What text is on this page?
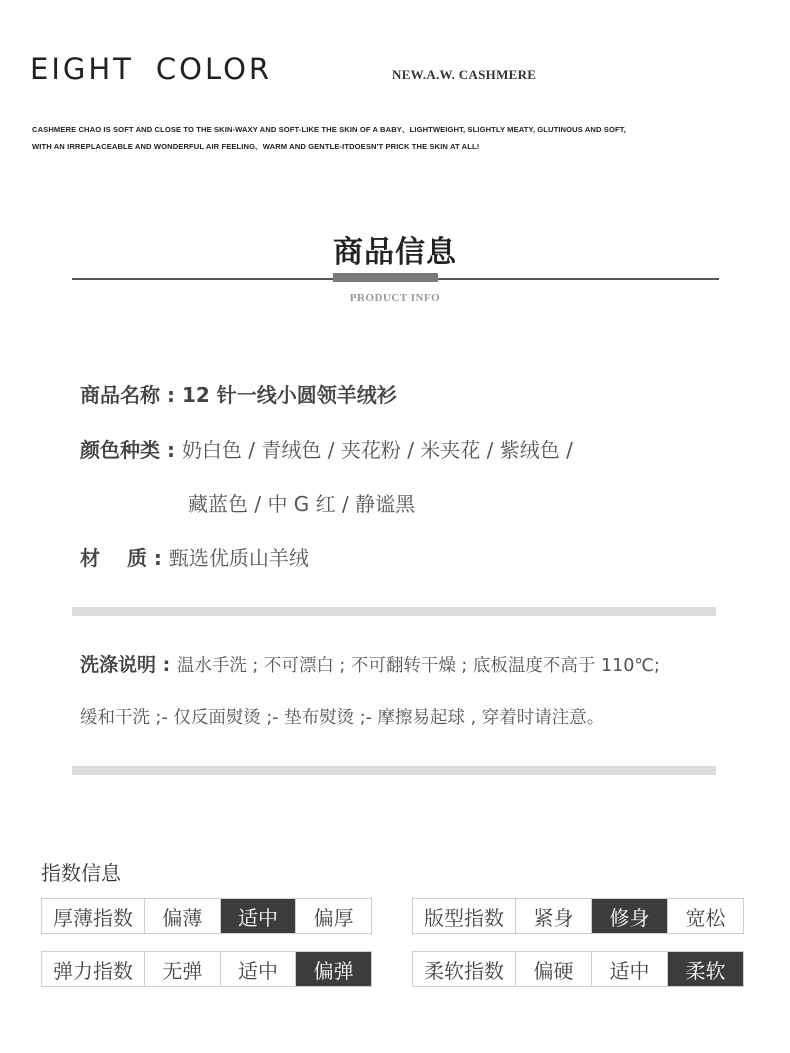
EIGHT COLOR	NEW.A.W. CASHMERE
CASHMERE CHAO IS SOFT AND CLOSE TO THE SKIN-WAXY AND SOFT-LIKE THE SKIN OF A BABY、LIGHTWEIGHT, SLIGHTLY MEATY, GLUTINOUS AND SOFT,
WITH AN IRREPLACEABLE AND WONDERFUL AIR FEELING、WARM AND GENTLE-ITDOESN'T PRICK THE SKIN AT ALL!
商品信息
PRODUCT INFO
商品名称 : 12 针一线小圆领羊绒衫
颜色种类 : 奶白色 / 青绒色 / 夹花粉 / 米夹花 / 紫绒色 /
藏蓝色 / 中 G 红 / 静谧黑
材　 质 : 甄选优质山羊绒
洗涤说明 : 温水手洗 ; 不可漂白 ; 不可翻转干燥 ; 底板温度不高于 110℃;
缓和干洗 ;- 仅反面熨烫 ;- 垫布熨烫 ;- 摩擦易起球 , 穿着时请注意。
指数信息
厚薄指数	偏薄	适中	偏厚	版型指数	紧身	修身	宽松
弹力指数	无弹	适中	偏弹	柔软指数	偏硬	适中	柔软
